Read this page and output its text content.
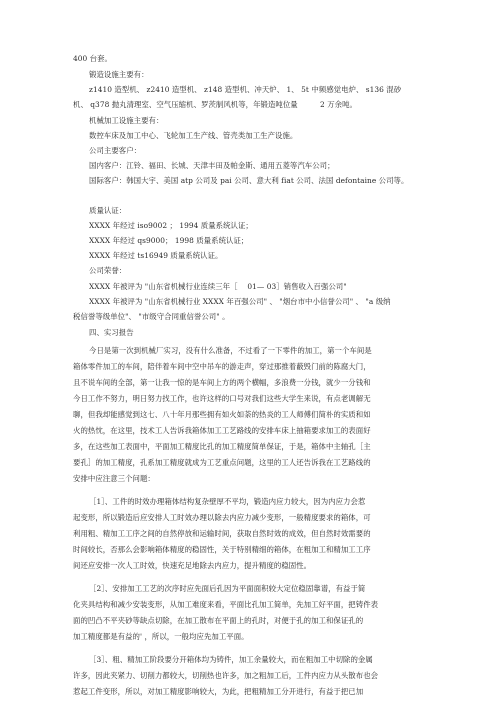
400 台套。
锻造设施主要有：
z1410 造型机、 z2410 造型机、 z148 造型机、冲天炉、 1、 5t 中频感觉电炉、 s136 混砂
机、 q378 抛丸清理室、空气压缩机、罗茨制风机等，年锻造吨位量　　　2 万余吨。
机械加工设施主要有：
数控车床及加工中心、飞轮加工生产线、管壳类加工生产设施。
公司主要客户：
国内客户：江铃、福田、长城、天津丰田及帕金斯、通用五菱等汽车公司；
国际客户：韩国大宇、美国 atp 公司及 pai 公司、意大利 fiat 公司、法国 defontaine 公司等。
质量认证：
XXXX 年经过 iso9002 ； 1994 质量系统认证；
XXXX 年经过 qs9000； 1998 质量系统认证；
XXXX 年经过 ts16949 质量系统认证。
公司荣誉：
XXXX 年被评为 "山东省机械行业连续三年［　 01— 03］销售收入百强公司"
XXXX 年被评为 "山东省机械行业 XXXX 年百强公司" 、 "烟台市中小信誉公司" 、 "a 级纳
税信誉等级单位"、 "市级守合同重信誉公司" 。
四、实习报告
今日是第一次到机械厂实习，没有什么准备，不过看了一下零件的加工，第一个车间是
箱体零件加工的车间，陪伴着车间中空中吊车的游走声，穿过那推着蔽毁门前的陈腐大门，
且不说车间的全部，第一让我一惊的是车间上方的两个横幅，多浪费一分钱，就少一分钱和
今日工作不努力，明日努力找工作，也许这样的口号对我们这些大学生来说，有点老调解无
聊，但我却能感觉到这七、八十年月那些拥有如火如荼的热炎的工人师傅们简朴的实质和如
火的热忱，在这里，技术工人告诉我箱体加工工艺路线的安排车床上抽箱要求加工的表面好
多，在这些加工表面中，平面加工精度比孔的加工精度简单保证，于是，箱体中主轴孔［主
要孔］的加工精度，孔系加工精度就成为工艺重点问题，这里的工人还告诉我在工艺路线的
安排中应注意三个问题：
［1］、工件的时效办理箱体结构复杂壁厚不平均，锻造内应力较大，因为内应力会惹
起变形，所以锻造后应安排人工时效办理以除去内应力减少变形，一般精度要求的箱体，可
利用粗、精加工工序之间的自然停放和运输时间，获取自然时效的成效，但自然时效需要的
时间较长，否那么会影响箱体精度的稳固性，关于特别精细的箱体，在粗加工和精加工工序
间还应安排一次人工时效，快速充足地除去内应力，提升精度的稳固性。
［2］、安排加工工艺的次序时应先面后孔因为平面面积较大定位稳固靠谱，有益于简
化夹具结构和减少安装变形，从加工难度来看，平面比孔加工简单，先加工好平面，把铸件表
面的凹凸不平夹砂等缺点切除，在加工散布在平面上的孔时，对便于孔的加工和保证孔的
加工精度都是有益的' ，所以，一般均应先加工平面。
［3］、粗、精加工阶段要分开箱体均为铸件，加工余量较大，而在粗加工中切除的金属
许多，因此夹紧力、切削力都较大，切削热也许多，加之粗加工后，工件内应力从头散布也会
惹起工件变形，所以，对加工精度影响较大，为此，把粗精加工分开进行，有益于把已加
